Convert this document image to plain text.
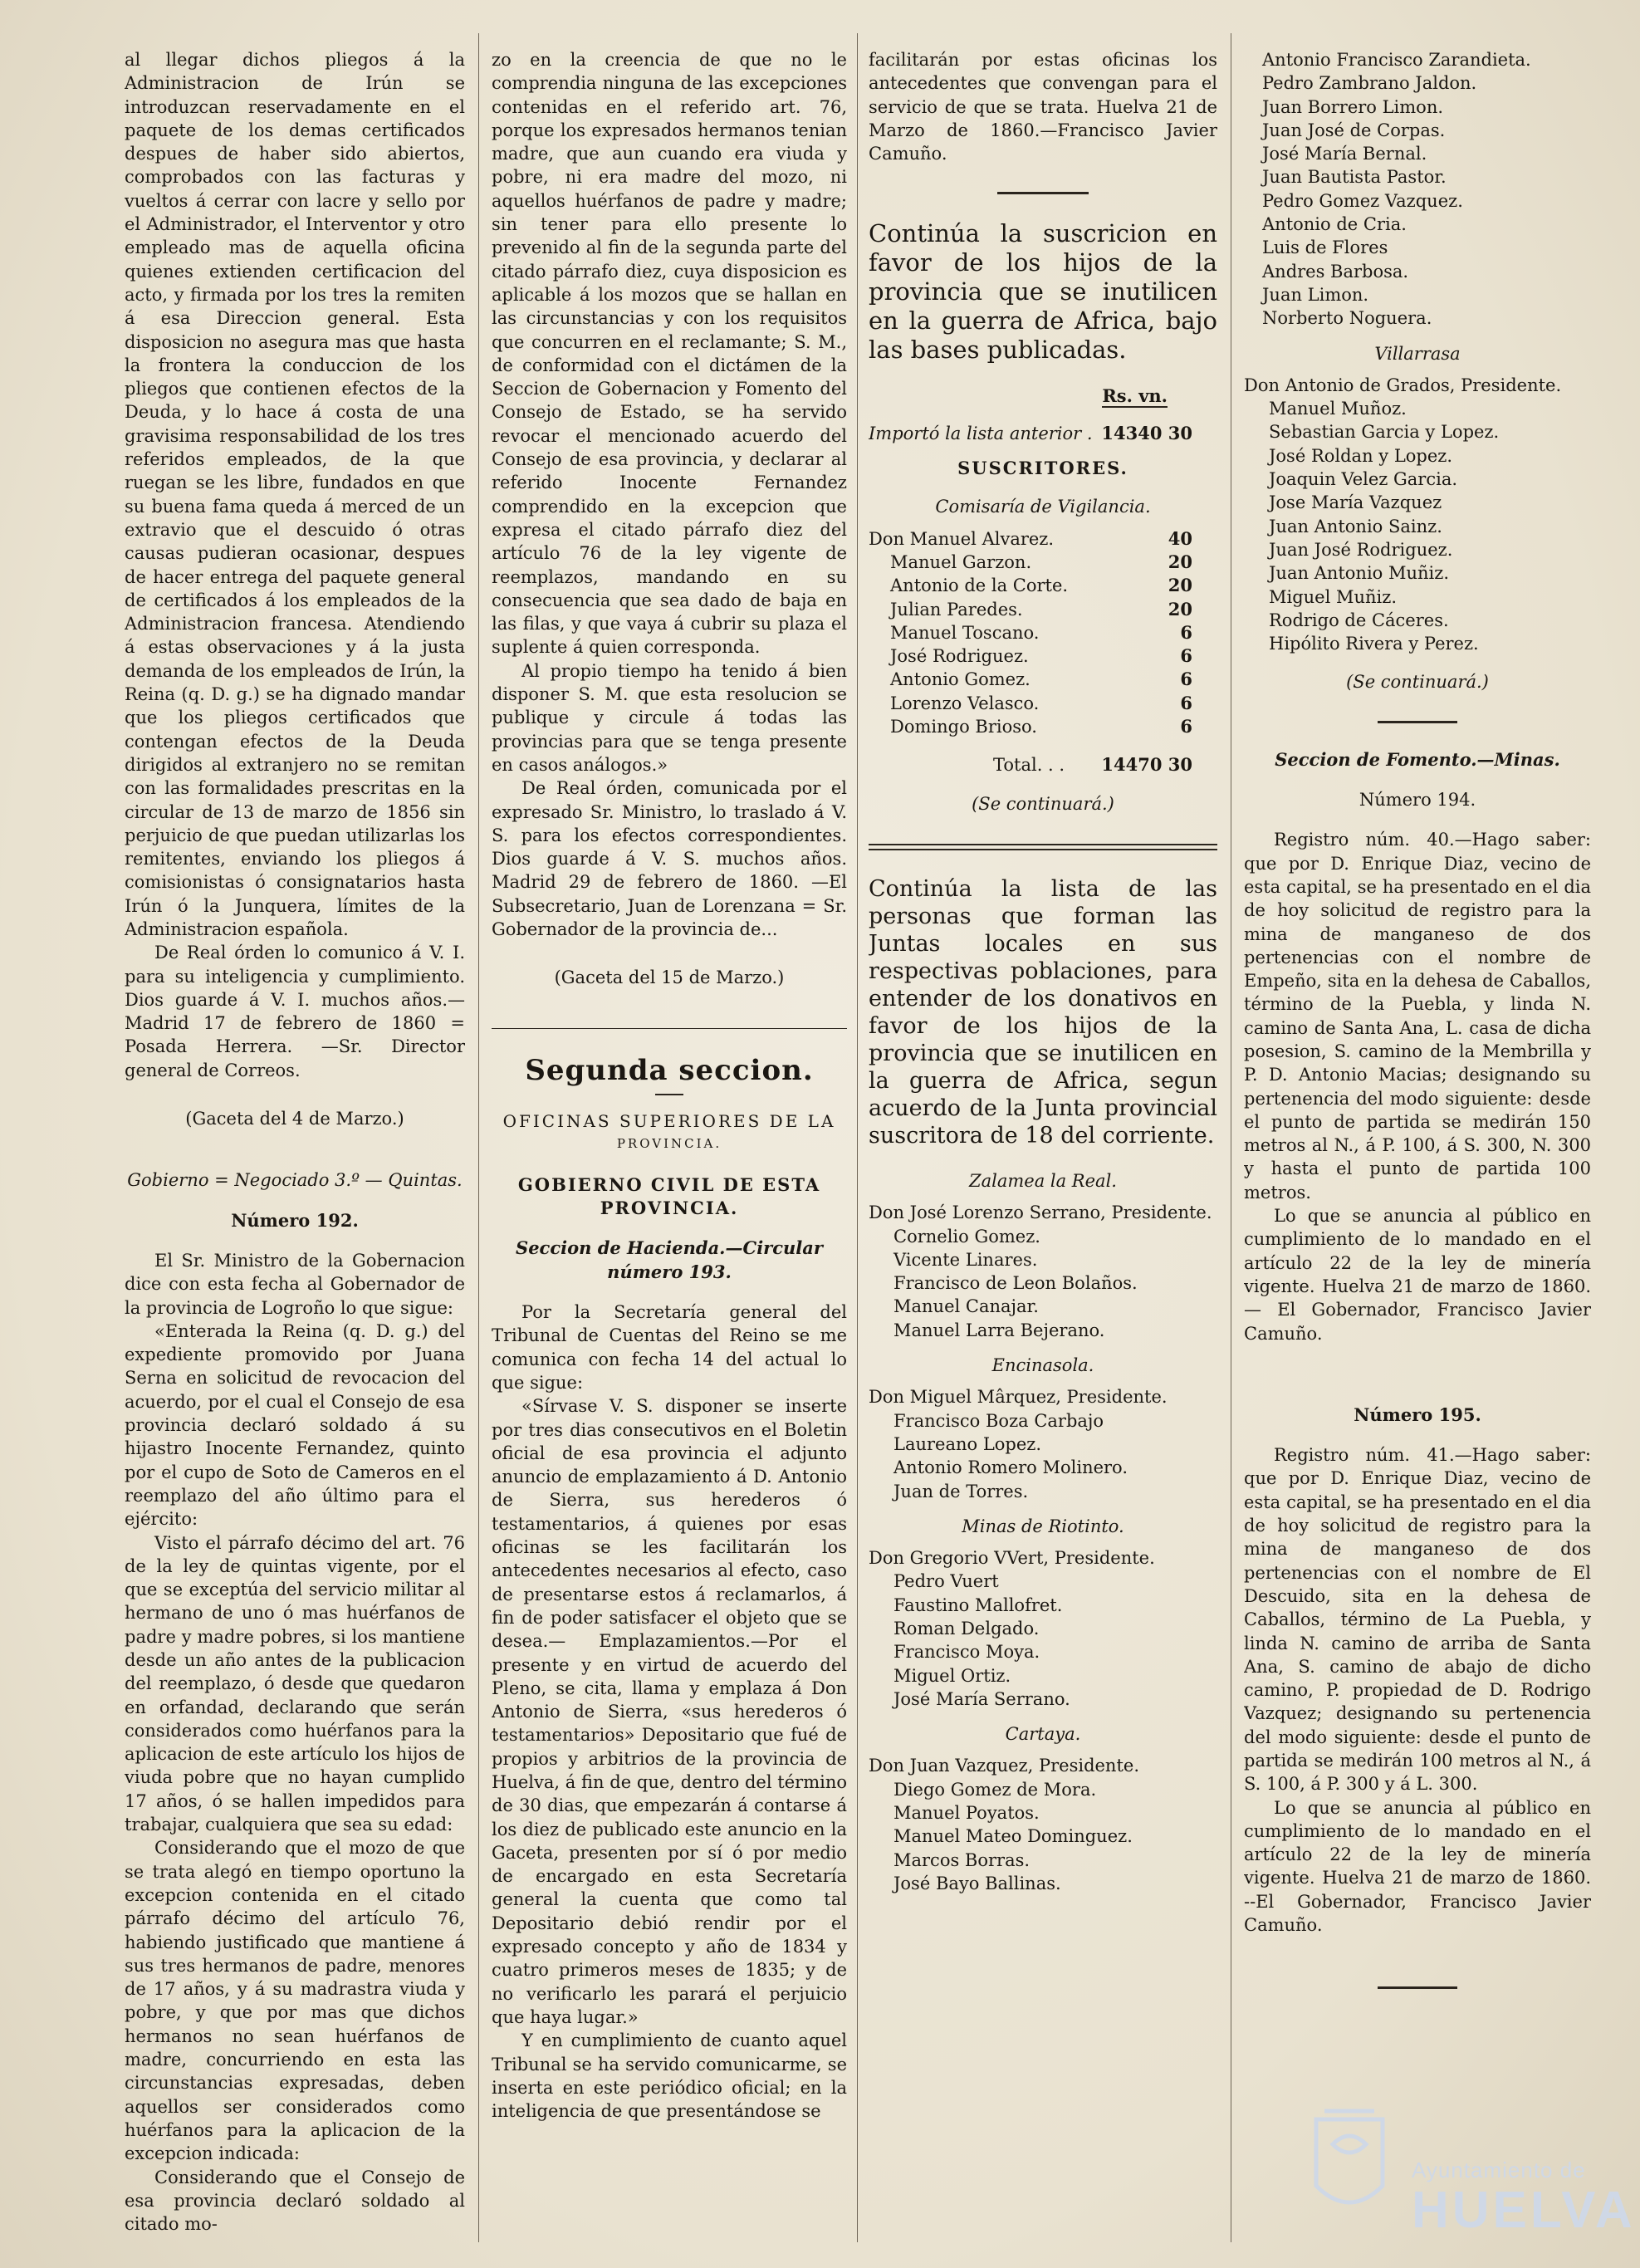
al llegar dichos pliegos á la Administracion de Irún se introduzcan reservadamente en el paquete de los demas certificados despues de haber sido abiertos, comprobados con las facturas y vueltos á cerrar con lacre y sello por el Administrador, el Interventor y otro empleado mas de aquella oficina quienes extienden certificacion del acto, y firmada por los tres la remiten á esa Direccion general. Esta disposicion no asegura mas que hasta la frontera la conduccion de los pliegos que contienen efectos de la Deuda, y lo hace á costa de una gravisima responsabilidad de los tres referidos empleados, de la que ruegan se les libre, fundados en que su buena fama queda á merced de un extravio que el descuido ó otras causas pudieran ocasionar, despues de hacer entrega del paquete general de certificados á los empleados de la Administracion francesa. Atendiendo á estas observaciones y á la justa demanda de los empleados de Irún, la Reina (q. D. g.) se ha dignado mandar que los pliegos certificados que contengan efectos de la Deuda dirigidos al extranjero no se remitan con las formalidades prescritas en la circular de 13 de marzo de 1856 sin perjuicio de que puedan utilizarlas los remitentes, enviando los pliegos á comisionistas ó consignatarios hasta Irún ó la Junquera, límites de la Administracion española.

De Real órden lo comunico á V. I. para su inteligencia y cumplimiento. Dios guarde á V. I. muchos años.— Madrid 17 de febrero de 1860 = Posada Herrera. —Sr. Director general de Correos.

(Gaceta del 4 de Marzo.)
Gobierno = Negociado 3.º — Quintas.
Número 192.

El Sr. Ministro de la Gobernacion dice con esta fecha al Gobernador de la provincia de Logroño lo que sigue:

«Enterada la Reina (q. D. g.) del expediente promovido por Juana Serna en solicitud de revocacion del acuerdo, por el cual el Consejo de esa provincia declaró soldado á su hijastro Inocente Fernandez, quinto por el cupo de Soto de Cameros en el reemplazo del año último para el ejército:

Visto el párrafo décimo del art. 76 de la ley de quintas vigente, por el que se exceptúa del servicio militar al hermano de uno ó mas huérfanos de padre y madre pobres, si los mantiene desde un año antes de la publicacion del reemplazo, ó desde que quedaron en orfandad, declarando que serán considerados como huérfanos para la aplicacion de este artículo los hijos de viuda pobre que no hayan cumplido 17 años, ó se hallen impedidos para trabajar, cualquiera que sea su edad:

Considerando que el mozo de que se trata alegó en tiempo oportuno la excepcion contenida en el citado párrafo décimo del artículo 76, habiendo justificado que mantiene á sus tres hermanos de padre, menores de 17 años, y á su madrastra viuda y pobre, y que por mas que dichos hermanos no sean huérfanos de madre, concurriendo en esta las circunstancias expresadas, deben aquellos ser considerados como huérfanos para la aplicacion de la excepcion indicada:

Considerando que el Consejo de esa provincia declaró soldado al citado mo-

zo en la creencia de que no le comprendia ninguna de las excepciones contenidas en el referido art. 76, porque los expresados hermanos tenian madre, que aun cuando era viuda y pobre, ni era madre del mozo, ni aquellos huérfanos de padre y madre; sin tener para ello presente lo prevenido al fin de la segunda parte del citado párrafo diez, cuya disposicion es aplicable á los mozos que se hallan en las circunstancias y con los requisitos que concurren en el reclamante; S. M., de conformidad con el dictámen de la Seccion de Gobernacion y Fomento del Consejo de Estado, se ha servido revocar el mencionado acuerdo del Consejo de esa provincia, y declarar al referido Inocente Fernandez comprendido en la excepcion que expresa el citado párrafo diez del artículo 76 de la ley vigente de reemplazos, mandando en su consecuencia que sea dado de baja en las filas, y que vaya á cubrir su plaza el suplente á quien corresponda.

Al propio tiempo ha tenido á bien disponer S. M. que esta resolucion se publique y circule á todas las provincias para que se tenga presente en casos análogos.»

De Real órden, comunicada por el expresado Sr. Ministro, lo traslado á V. S. para los efectos correspondientes. Dios guarde á V. S. muchos años. Madrid 29 de febrero de 1860. —El Subsecretario, Juan de Lorenzana = Sr. Gobernador de la provincia de...

(Gaceta del 15 de Marzo.)
Segunda seccion.
OFICINAS SUPERIORES DE LA
PROVINCIA.
GOBIERNO CIVIL DE ESTA PROVINCIA.
Seccion de Hacienda.—Circular número 193.

Por la Secretaría general del Tribunal de Cuentas del Reino se me comunica con fecha 14 del actual lo que sigue:

«Sírvase V. S. disponer se inserte por tres dias consecutivos en el Boletin oficial de esa provincia el adjunto anuncio de emplazamiento á D. Antonio de Sierra, sus herederos ó testamentarios, á quienes por esas oficinas se les facilitarán los antecedentes necesarios al efecto, caso de presentarse estos á reclamarlos, á fin de poder satisfacer el objeto que se desea.— Emplazamientos.—Por el presente y en virtud de acuerdo del Pleno, se cita, llama y emplaza á Don Antonio de Sierra, «sus herederos ó testamentarios» Depositario que fué de propios y arbitrios de la provincia de Huelva, á fin de que, dentro del término de 30 dias, que empezarán á contarse á los diez de publicado este anuncio en la Gaceta, presenten por sí ó por medio de encargado en esta Secretaría general la cuenta que como tal Depositario debió rendir por el expresado concepto y año de 1834 y cuatro primeros meses de 1835; y de no verificarlo les parará el perjuicio que haya lugar.»

Y en cumplimiento de cuanto aquel Tribunal se ha servido comunicarme, se inserta en este periódico oficial; en la inteligencia de que presentándose se

facilitarán por estas oficinas los antecedentes que convengan para el servicio de que se trata. Huelva 21 de Marzo de 1860.—Francisco Javier Camuño.

Continúa la suscricion en favor de los hijos de la provincia que se inutilicen en la guerra de Africa, bajo las bases publicadas.
Rs. vn.
Importó la lista anterior . 14340 30
SUSCRITORES.
Comisaría de Vigilancia.
Don Manuel Alvarez.	40
Manuel Garzon.	20
Antonio de la Corte.	20
Julian Paredes.	20
Manuel Toscano.	6
José Rodriguez.	6
Antonio Gomez.	6
Lorenzo Velasco.	6
Domingo Brioso.	6
Total. . .	14470 30
(Se continuará.)
Continúa la lista de las personas que forman las Juntas locales en sus respectivas poblaciones, para entender de los donativos en favor de los hijos de la provincia que se inutilicen en la guerra de Africa, segun acuerdo de la Junta provincial suscritora de 18 del corriente.
Zalamea la Real.
Don José Lorenzo Serrano, Presidente.
Cornelio Gomez.
Vicente Linares.
Francisco de Leon Bolaños.
Manuel Canajar.
Manuel Larra Bejerano.
Encinasola.
Don Miguel Mârquez, Presidente.
Francisco Boza Carbajo
Laureano Lopez.
Antonio Romero Molinero.
Juan de Torres.
Minas de Riotinto.
Don Gregorio VVert, Presidente.
Pedro Vuert
Faustino Mallofret.
Roman Delgado.
Francisco Moya.
Miguel Ortiz.
José María Serrano.
Cartaya.
Don Juan Vazquez, Presidente.
Diego Gomez de Mora.
Manuel Poyatos.
Manuel Mateo Dominguez.
Marcos Borras.
José Bayo Ballinas.
Antonio Francisco Zarandieta.
Pedro Zambrano Jaldon.
Juan Borrero Limon.
Juan José de Corpas.
José María Bernal.
Juan Bautista Pastor.
Pedro Gomez Vazquez.
Antonio de Cria.
Luis de Flores
Andres Barbosa.
Juan Limon.
Norberto Noguera.
Villarrasa
Don Antonio de Grados, Presidente.
Manuel Muñoz.
Sebastian Garcia y Lopez.
José Roldan y Lopez.
Joaquin Velez Garcia.
Jose María Vazquez
Juan Antonio Sainz.
Juan José Rodriguez.
Juan Antonio Muñiz.
Miguel Muñiz.
Rodrigo de Cáceres.
Hipólito Rivera y Perez.
(Se continuará.)
Seccion de Fomento.—Minas.
Número 194.

Registro núm. 40.—Hago saber: que por D. Enrique Diaz, vecino de esta capital, se ha presentado en el dia de hoy solicitud de registro para la mina de manganeso de dos pertenencias con el nombre de Empeño, sita en la dehesa de Caballos, término de la Puebla, y linda N. camino de Santa Ana, L. casa de dicha posesion, S. camino de la Membrilla y P. D. Antonio Macias; designando su pertenencia del modo siguiente: desde el punto de partida se medirán 150 metros al N., á P. 100, á S. 300, N. 300 y hasta el punto de partida 100 metros.

Lo que se anuncia al público en cumplimiento de lo mandado en el artículo 22 de la ley de minería vigente. Huelva 21 de marzo de 1860. — El Gobernador, Francisco Javier Camuño.

Número 195.

Registro núm. 41.—Hago saber: que por D. Enrique Diaz, vecino de esta capital, se ha presentado en el dia de hoy solicitud de registro para la mina de manganeso de dos pertenencias con el nombre de El Descuido, sita en la dehesa de Caballos, término de La Puebla, y linda N. camino de arriba de Santa Ana, S. camino de abajo de dicho camino, P. propiedad de D. Rodrigo Vazquez; designando su pertenencia del modo siguiente: desde el punto de partida se medirán 100 metros al N., á S. 100, á P. 300 y á L. 300.

Lo que se anuncia al público en cumplimiento de lo mandado en el artículo 22 de la ley de minería vigente. Huelva 21 de marzo de 1860. --El Gobernador, Francisco Javier Camuño.

Ayuntamiento de
HUELVA
